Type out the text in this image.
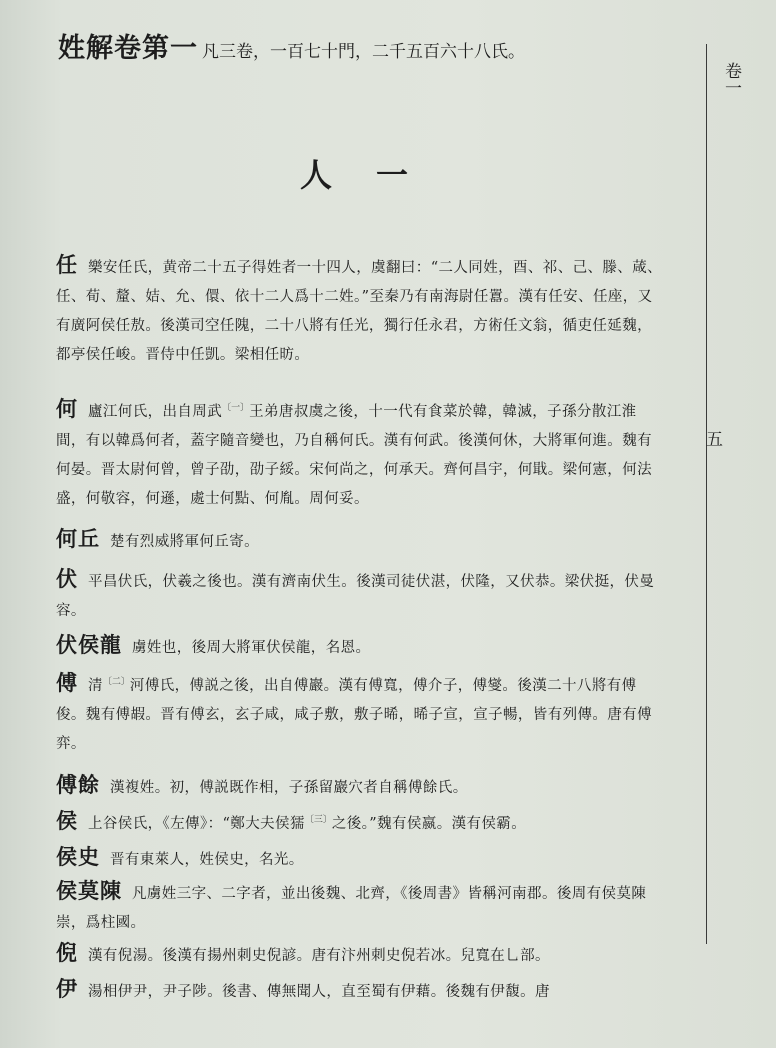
姓解卷第一 凡三卷，一百七十門，二千五百六十八氏。
卷一
五
人一
任 樂安任氏，黄帝二十五子得姓者一十四人，虞翻曰：“二人同姓，酉、祁、己、滕、葴、任、荀、釐、姞、允、儇、依十二人爲十二姓。”至秦乃有南海尉任囂。漢有任安、任座，又有廣阿侯任敖。後漢司空任隗，二十八將有任光，獨行任永君，方術任文翁，循吏任延魏，都亭侯任峻。晋侍中任凱。梁相任昉。
何 廬江何氏，出自周武$^{〔一〕}$王弟唐叔虞之後，十一代有食菜於韓，韓滅，子孫分散江淮間，有以韓爲何者，蓋字隨音變也，乃自稱何氏。漢有何武。後漢何休，大將軍何進。魏有何晏。晋太尉何曾，曾子劭，劭子綏。宋何尚之，何承天。齊何昌宇，何戢。梁何憲，何法盛，何敬容，何遜，處士何點、何胤。周何妥。
何丘 楚有烈威將軍何丘寄。
伏 平昌伏氏，伏羲之後也。漢有濟南伏生。後漢司徒伏湛，伏隆，又伏恭。梁伏挺，伏曼容。
伏侯龍 虜姓也，後周大將軍伏侯龍，名恩。
傅 清$^{〔二〕}$河傅氏，傅説之後，出自傅巖。漢有傅寬，傅介子，傅燮。後漢二十八將有傅俊。魏有傅嘏。晋有傅玄，玄子咸，咸子敷，敷子晞，晞子宣，宣子暢，皆有列傳。唐有傅弈。
傅餘 漢複姓。初，傅説既作相，子孫留巖穴者自稱傅餘氏。
侯 上谷侯氏，《左傳》：“鄭大夫侯獳$^{〔三〕}$之後。”魏有侯嬴。漢有侯霸。
侯史 晋有東萊人，姓侯史，名光。
侯莫陳 凡虜姓三字、二字者，並出後魏、北齊，《後周書》皆稱河南郡。後周有侯莫陳崇，爲柱國。
倪 漢有倪湯。後漢有揚州刺史倪諺。唐有汴州刺史倪若冰。兒寬在乚部。
伊 湯相伊尹，尹子陟。後書、傳無聞人，直至蜀有伊藉。後魏有伊馥。唐
